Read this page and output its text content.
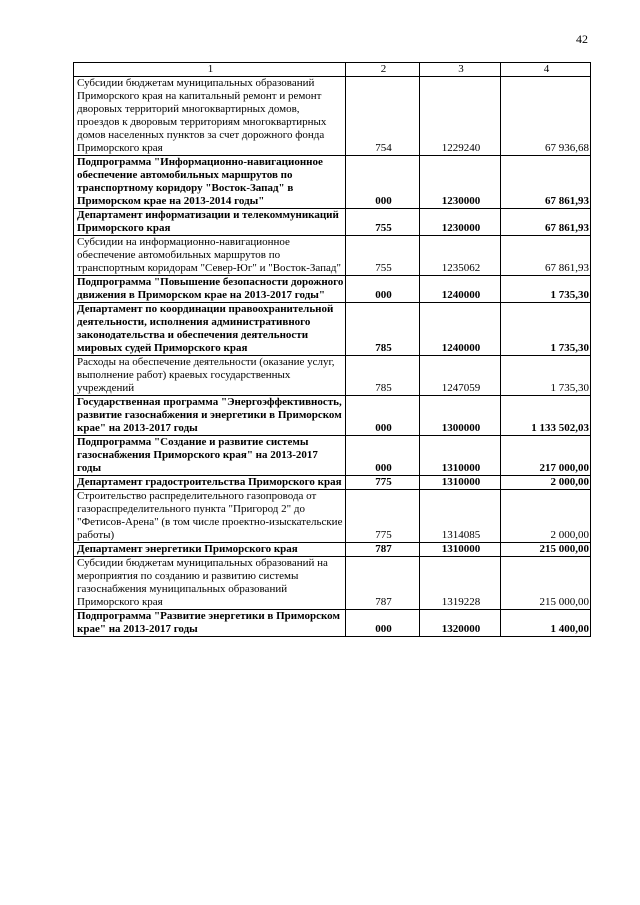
42
1	2	3	4
Субсидии бюджетам муниципальных образований Приморского края на капитальный ремонт и ремонт дворовых территорий многоквартирных домов, проездов к дворовым территориям многоквартирных домов населенных пунктов за счет дорожного фонда Приморского края	754	1229240	67 936,68
Подпрограмма "Информационно-навигационное обеспечение автомобильных маршрутов по транспортному коридору "Восток-Запад" в Приморском крае на 2013-2014 годы"	000	1230000	67 861,93
Департамент информатизации и телекоммуникаций Приморского края	755	1230000	67 861,93
Субсидии на информационно-навигационное обеспечение автомобильных маршрутов по транспортным коридорам "Север-Юг" и "Восток-Запад"	755	1235062	67 861,93
Подпрограмма "Повышение безопасности дорожного движения в Приморском крае на 2013-2017 годы"	000	1240000	1 735,30
Департамент по координации правоохранительной деятельности, исполнения административного законодательства и обеспечения деятельности мировых судей Приморского края	785	1240000	1 735,30
Расходы на обеспечение деятельности (оказание услуг, выполнение работ) краевых государственных учреждений	785	1247059	1 735,30
Государственная программа "Энергоэффективность, развитие газоснабжения и энергетики в Приморском крае" на 2013-2017 годы	000	1300000	1 133 502,03
Подпрограмма "Создание и развитие системы газоснабжения Приморского края" на 2013-2017 годы	000	1310000	217 000,00
Департамент градостроительства Приморского края	775	1310000	2 000,00
Строительство распределительного газопровода от газораспределительного пункта "Пригород 2" до "Фетисов-Арена" (в том числе проектно-изыскательские работы)	775	1314085	2 000,00
Департамент энергетики Приморского края	787	1310000	215 000,00
Субсидии бюджетам муниципальных образований на мероприятия по созданию и развитию системы газоснабжения муниципальных образований Приморского края	787	1319228	215 000,00
Подпрограмма "Развитие энергетики в Приморском крае" на 2013-2017 годы	000	1320000	1 400,00
